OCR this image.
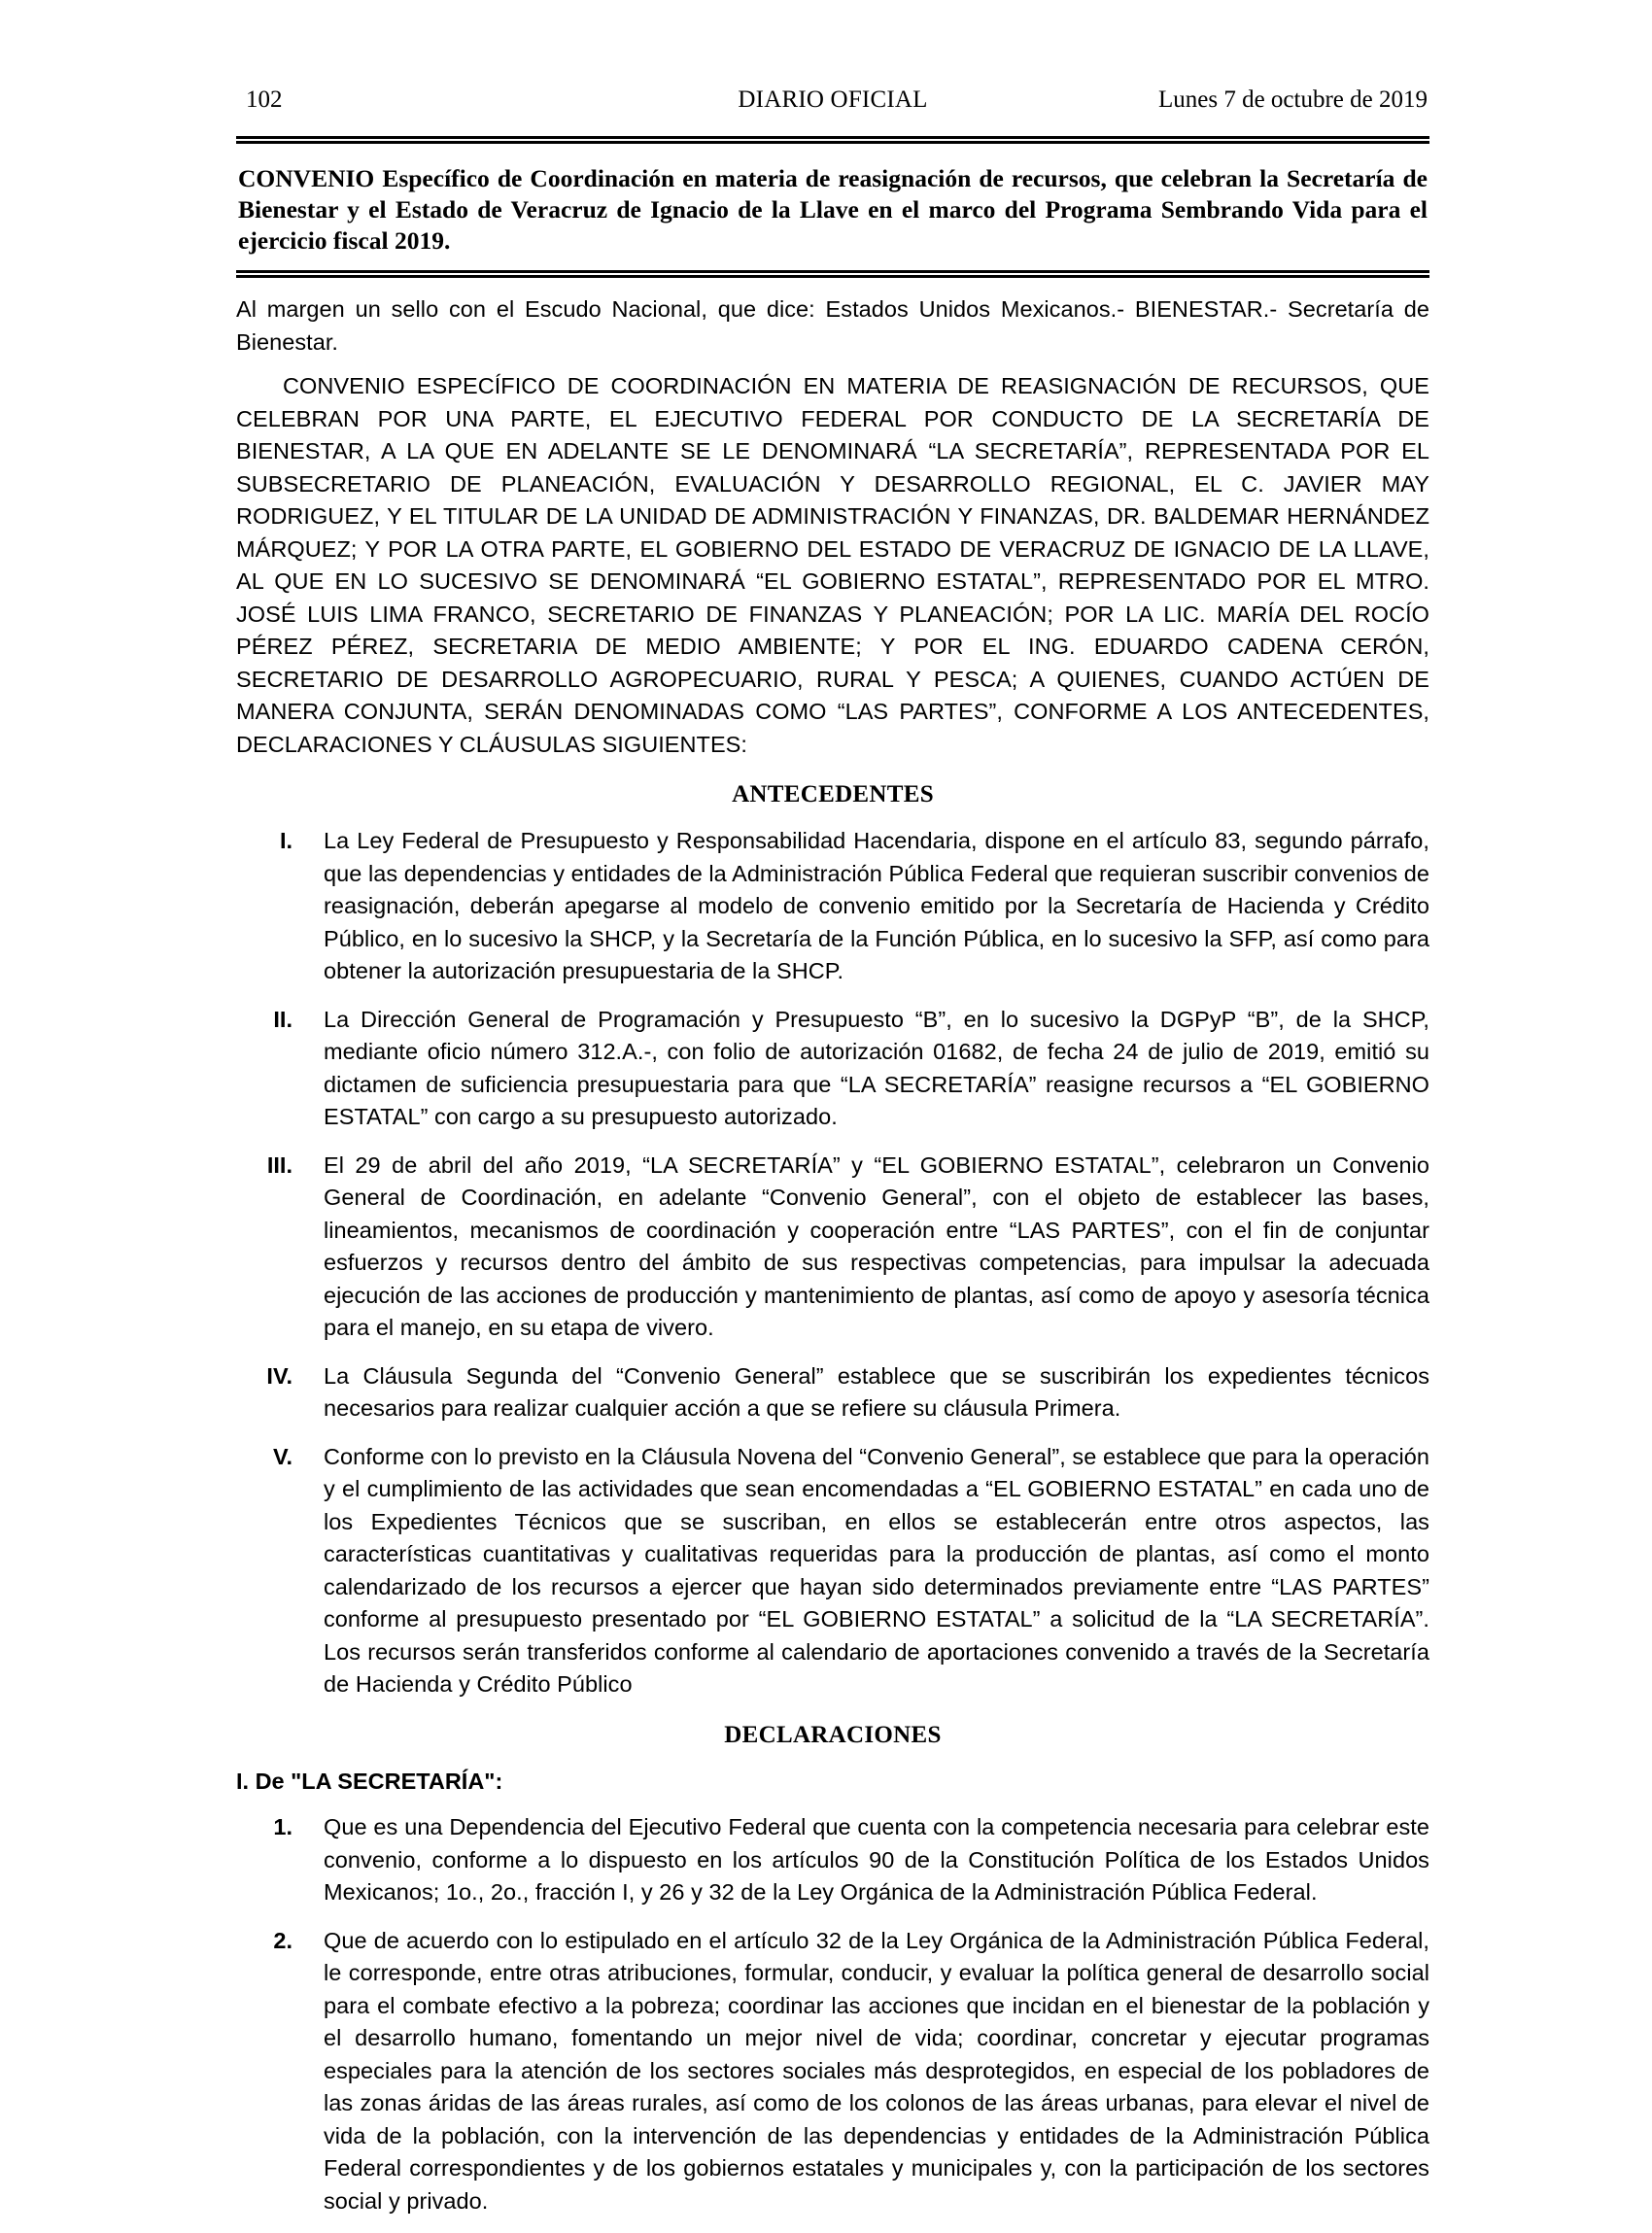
102	DIARIO OFICIAL	Lunes 7 de octubre de 2019
CONVENIO Específico de Coordinación en materia de reasignación de recursos, que celebran la Secretaría de Bienestar y el Estado de Veracruz de Ignacio de la Llave en el marco del Programa Sembrando Vida para el ejercicio fiscal 2019.

Al margen un sello con el Escudo Nacional, que dice: Estados Unidos Mexicanos.- BIENESTAR.- Secretaría de Bienestar.

CONVENIO ESPECÍFICO DE COORDINACIÓN EN MATERIA DE REASIGNACIÓN DE RECURSOS, QUE CELEBRAN POR UNA PARTE, EL EJECUTIVO FEDERAL POR CONDUCTO DE LA SECRETARÍA DE BIENESTAR, A LA QUE EN ADELANTE SE LE DENOMINARÁ “LA SECRETARÍA”, REPRESENTADA POR EL SUBSECRETARIO DE PLANEACIÓN, EVALUACIÓN Y DESARROLLO REGIONAL, EL C. JAVIER MAY RODRIGUEZ, Y EL TITULAR DE LA UNIDAD DE ADMINISTRACIÓN Y FINANZAS, DR. BALDEMAR HERNÁNDEZ MÁRQUEZ; Y POR LA OTRA PARTE, EL GOBIERNO DEL ESTADO DE VERACRUZ DE IGNACIO DE LA LLAVE, AL QUE EN LO SUCESIVO SE DENOMINARÁ “EL GOBIERNO ESTATAL”, REPRESENTADO POR EL MTRO. JOSÉ LUIS LIMA FRANCO, SECRETARIO DE FINANZAS Y PLANEACIÓN; POR LA LIC. MARÍA DEL ROCÍO PÉREZ PÉREZ, SECRETARIA DE MEDIO AMBIENTE; Y POR EL ING. EDUARDO CADENA CERÓN, SECRETARIO DE DESARROLLO AGROPECUARIO, RURAL Y PESCA; A QUIENES, CUANDO ACTÚEN DE MANERA CONJUNTA, SERÁN DENOMINADAS COMO “LAS PARTES”, CONFORME A LOS ANTECEDENTES, DECLARACIONES Y CLÁUSULAS SIGUIENTES:

ANTECEDENTES
I.	La Ley Federal de Presupuesto y Responsabilidad Hacendaria, dispone en el artículo 83, segundo párrafo, que las dependencias y entidades de la Administración Pública Federal que requieran suscribir convenios de reasignación, deberán apegarse al modelo de convenio emitido por la Secretaría de Hacienda y Crédito Público, en lo sucesivo la SHCP, y la Secretaría de la Función Pública, en lo sucesivo la SFP, así como para obtener la autorización presupuestaria de la SHCP.
II.	La Dirección General de Programación y Presupuesto “B”, en lo sucesivo la DGPyP “B”, de la SHCP, mediante oficio número 312.A.-, con folio de autorización 01682, de fecha 24 de julio de 2019, emitió su dictamen de suficiencia presupuestaria para que “LA SECRETARÍA” reasigne recursos a “EL GOBIERNO ESTATAL” con cargo a su presupuesto autorizado.
III.	El 29 de abril del año 2019, “LA SECRETARÍA” y “EL GOBIERNO ESTATAL”, celebraron un Convenio General de Coordinación, en adelante “Convenio General”, con el objeto de establecer las bases, lineamientos, mecanismos de coordinación y cooperación entre “LAS PARTES”, con el fin de conjuntar esfuerzos y recursos dentro del ámbito de sus respectivas competencias, para impulsar la adecuada ejecución de las acciones de producción y mantenimiento de plantas, así como de apoyo y asesoría técnica para el manejo, en su etapa de vivero.
IV.	La Cláusula Segunda del “Convenio General” establece que se suscribirán los expedientes técnicos necesarios para realizar cualquier acción a que se refiere su cláusula Primera.
V.	Conforme con lo previsto en la Cláusula Novena del “Convenio General”, se establece que para la operación y el cumplimiento de las actividades que sean encomendadas a “EL GOBIERNO ESTATAL” en cada uno de los Expedientes Técnicos que se suscriban, en ellos se establecerán entre otros aspectos, las características cuantitativas y cualitativas requeridas para la producción de plantas, así como el monto calendarizado de los recursos a ejercer que hayan sido determinados previamente entre “LAS PARTES” conforme al presupuesto presentado por “EL GOBIERNO ESTATAL” a solicitud de la “LA SECRETARÍA”. Los recursos serán transferidos conforme al calendario de aportaciones convenido a través de la Secretaría de Hacienda y Crédito Público
DECLARACIONES
I. De "LA SECRETARÍA":
1.	Que es una Dependencia del Ejecutivo Federal que cuenta con la competencia necesaria para celebrar este convenio, conforme a lo dispuesto en los artículos 90 de la Constitución Política de los Estados Unidos Mexicanos; 1o., 2o., fracción I, y 26 y 32 de la Ley Orgánica de la Administración Pública Federal.
2.	Que de acuerdo con lo estipulado en el artículo 32 de la Ley Orgánica de la Administración Pública Federal, le corresponde, entre otras atribuciones, formular, conducir, y evaluar la política general de desarrollo social para el combate efectivo a la pobreza; coordinar las acciones que incidan en el bienestar de la población y el desarrollo humano, fomentando un mejor nivel de vida; coordinar, concretar y ejecutar programas especiales para la atención de los sectores sociales más desprotegidos, en especial de los pobladores de las zonas áridas de las áreas rurales, así como de los colonos de las áreas urbanas, para elevar el nivel de vida de la población, con la intervención de las dependencias y entidades de la Administración Pública Federal correspondientes y de los gobiernos estatales y municipales y, con la participación de los sectores social y privado.
